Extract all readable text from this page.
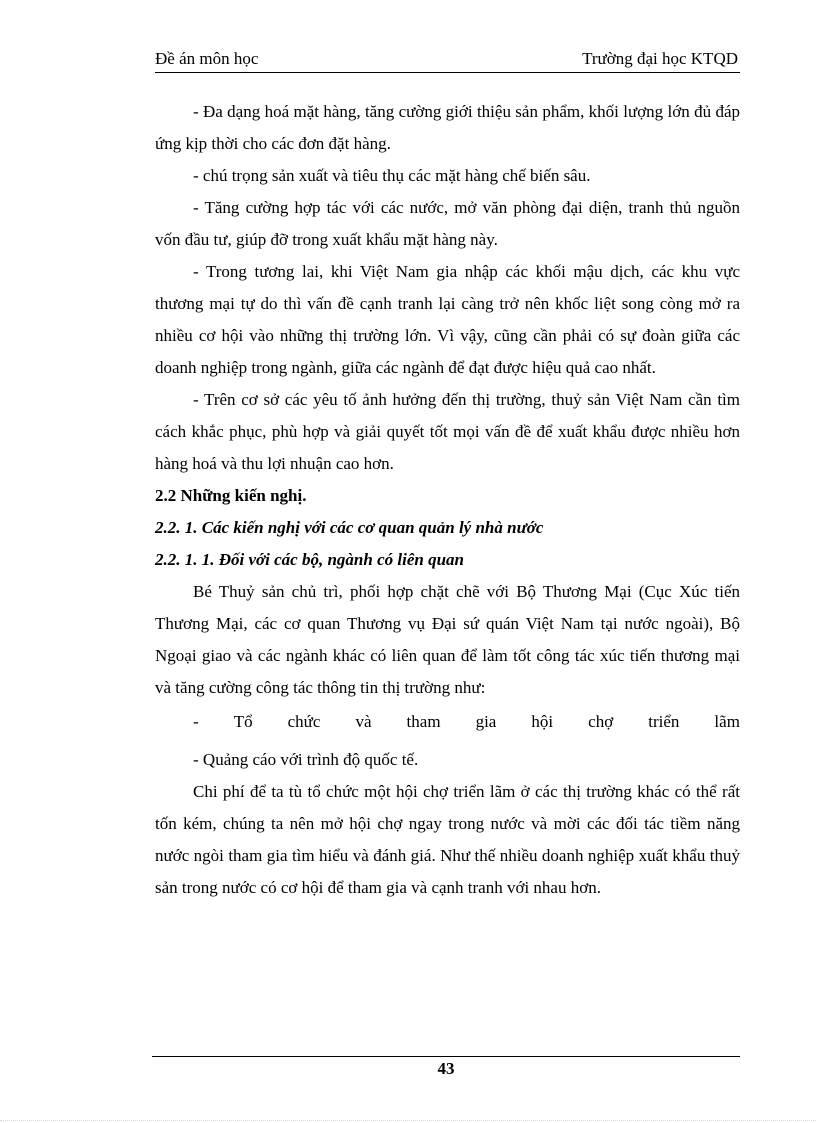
Đề án môn học	Trường đại học KTQD

- Đa dạng hoá mặt hàng, tăng cường giới thiệu sản phẩm, khối lượng lớn đủ đáp ứng kịp thời cho các đơn đặt hàng.

- chú trọng sản xuất và tiêu thụ các mặt hàng chế biến sâu.

- Tăng cường hợp tác với các nước, mở văn phòng đại diện, tranh thủ nguồn vốn đầu tư, giúp đỡ trong xuất khẩu mặt hàng này.

- Trong tương lai, khi Việt Nam gia nhập các khối mậu dịch, các khu vực thương mại tự do thì vấn đề cạnh tranh lại càng trở nên khốc liệt song còng mở ra nhiều cơ hội vào những thị trường lớn. Vì vậy, cũng cần phải có sự đoàn giữa các doanh nghiệp trong ngành, giữa các ngành để đạt được hiệu quả cao nhất.

- Trên cơ sở các yêu tố ảnh hưởng đến thị trường, thuỷ sản Việt Nam cần tìm cách khắc phục, phù hợp và giải quyết tốt mọi vấn đề để xuất khẩu được nhiều hơn hàng hoá và thu lợi nhuận cao hơn.

2.2 Những kiến nghị.

2.2. 1. Các kiến nghị với các cơ quan quản lý nhà nước

2.2. 1. 1. Đối với các bộ, ngành có liên quan

Bé Thuỷ sản chủ trì, phối hợp chặt chẽ với Bộ Thương Mại (Cục Xúc tiến Thương Mại, các cơ quan Thương vụ Đại sứ quán Việt Nam tại nước ngoài), Bộ Ngoại giao và các ngành khác có liên quan để làm tốt công tác xúc tiến thương mại và tăng cường công tác thông tin thị trường như:

- Tổ chức và tham gia hội chợ triển lãm

- Quảng cáo với trình độ quốc tế.

Chi phí để ta tù tổ chức một hội chợ triển lãm ở các thị trường khác có thể rất tốn kém, chúng ta nên mở hội chợ ngay trong nước và mời các đối tác tiềm năng nước ngòi tham gia tìm hiểu và đánh giá. Như thế nhiều doanh nghiệp xuất khẩu thuỷ sản trong nước có cơ hội để tham gia và cạnh tranh với nhau hơn.

43
